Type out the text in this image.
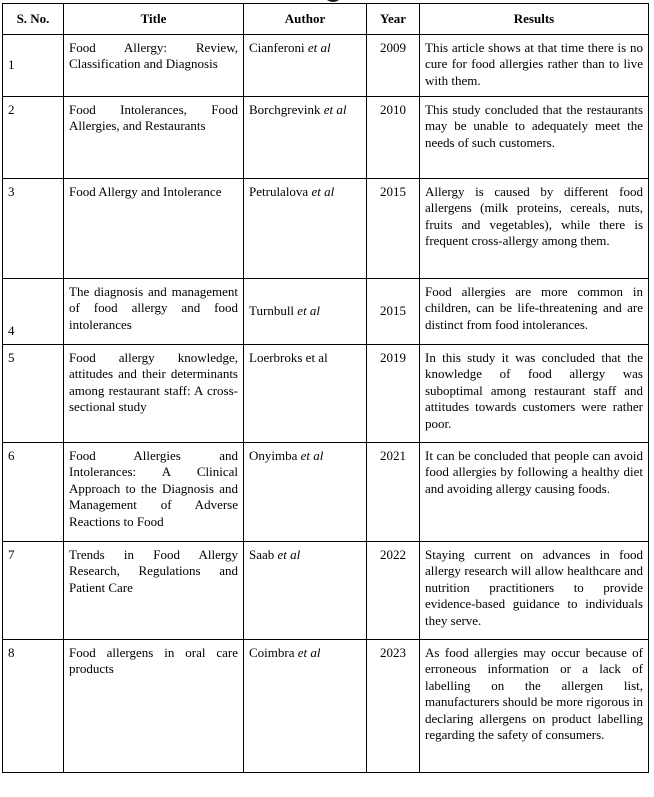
S. No.	Title	Author	Year	Results
1	Food Allergy: Review, Classification and Diagnosis	Cianferoni et al	2009	This article shows at that time there is no cure for food allergies rather than to live with them.
2	Food Intolerances, Food Allergies, and Restaurants	Borchgrevink et al	2010	This study concluded that the restaurants may be unable to adequately meet the needs of such customers.
3	Food Allergy and Intolerance	Petrulalova et al	2015	Allergy is caused by different food allergens (milk proteins, cereals, nuts, fruits and vegetables), while there is frequent cross-allergy among them.
4	The diagnosis and management of food allergy and food intolerances	Turnbull et al	2015	Food allergies are more common in children, can be life-threatening and are distinct from food intolerances.
5	Food allergy knowledge, attitudes and their determinants among restaurant staff: A cross-sectional study	Loerbroks et al	2019	In this study it was concluded that the knowledge of food allergy was suboptimal among restaurant staff and attitudes towards customers were rather poor.
6	Food Allergies and Intolerances: A Clinical Approach to the Diagnosis and Management of Adverse Reactions to Food	Onyimba et al	2021	It can be concluded that people can avoid food allergies by following a healthy diet and avoiding allergy causing foods.
7	Trends in Food Allergy Research, Regulations and Patient Care	Saab et al	2022	Staying current on advances in food allergy research will allow healthcare and nutrition practitioners to provide evidence-based guidance to individuals they serve.
8	Food allergens in oral care products	Coimbra et al	2023	As food allergies may occur because of erroneous information or a lack of labelling on the allergen list, manufacturers should be more rigorous in declaring allergens on product labelling regarding the safety of consumers.
